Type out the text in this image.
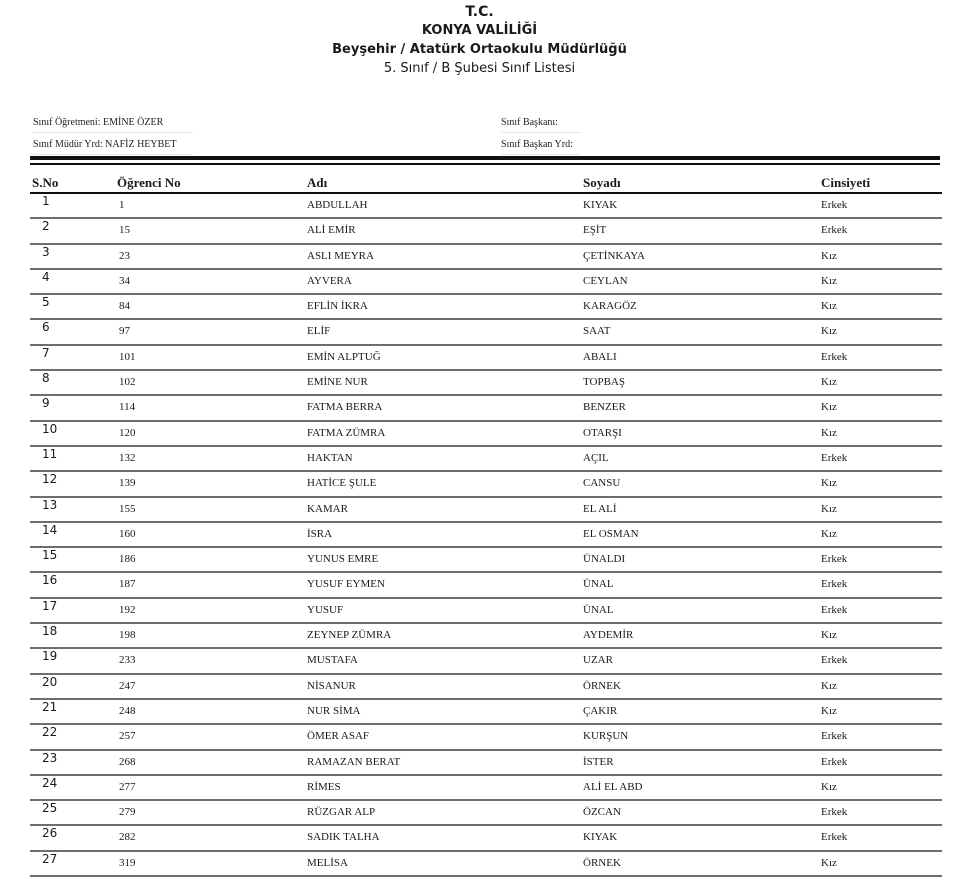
T.C.
KONYA VALİLİĞİ
Beyşehir / Atatürk Ortaokulu Müdürlüğü
5. Sınıf / B Şubesi Sınıf Listesi
Sınıf Öğretmeni: EMİNE ÖZER
Sınıf Müdür Yrd: NAFİZ HEYBET
Sınıf Başkanı:
Sınıf Başkan Yrd:
S.No	Öğrenci No	Adı	Soyadı	Cinsiyeti
1	1	ABDULLAH	KIYAK	Erkek
2	15	ALİ EMİR	EŞİT	Erkek
3	23	ASLI MEYRA	ÇETİNKAYA	Kız
4	34	AYVERA	CEYLAN	Kız
5	84	EFLİN İKRA	KARAGÖZ	Kız
6	97	ELİF	SAAT	Kız
7	101	EMİN ALPTUĞ	ABALI	Erkek
8	102	EMİNE NUR	TOPBAŞ	Kız
9	114	FATMA BERRA	BENZER	Kız
10	120	FATMA ZÜMRA	OTARŞI	Kız
11	132	HAKTAN	AÇIL	Erkek
12	139	HATİCE ŞULE	CANSU	Kız
13	155	KAMAR	EL ALİ	Kız
14	160	İSRA	EL OSMAN	Kız
15	186	YUNUS EMRE	ÜNALDI	Erkek
16	187	YUSUF EYMEN	ÜNAL	Erkek
17	192	YUSUF	ÜNAL	Erkek
18	198	ZEYNEP ZÜMRA	AYDEMİR	Kız
19	233	MUSTAFA	UZAR	Erkek
20	247	NİSANUR	ÖRNEK	Kız
21	248	NUR SİMA	ÇAKIR	Kız
22	257	ÖMER ASAF	KURŞUN	Erkek
23	268	RAMAZAN BERAT	İSTER	Erkek
24	277	RİMES	ALİ EL ABD	Kız
25	279	RÜZGAR ALP	ÖZCAN	Erkek
26	282	SADIK TALHA	KIYAK	Erkek
27	319	MELİSA	ÖRNEK	Kız
